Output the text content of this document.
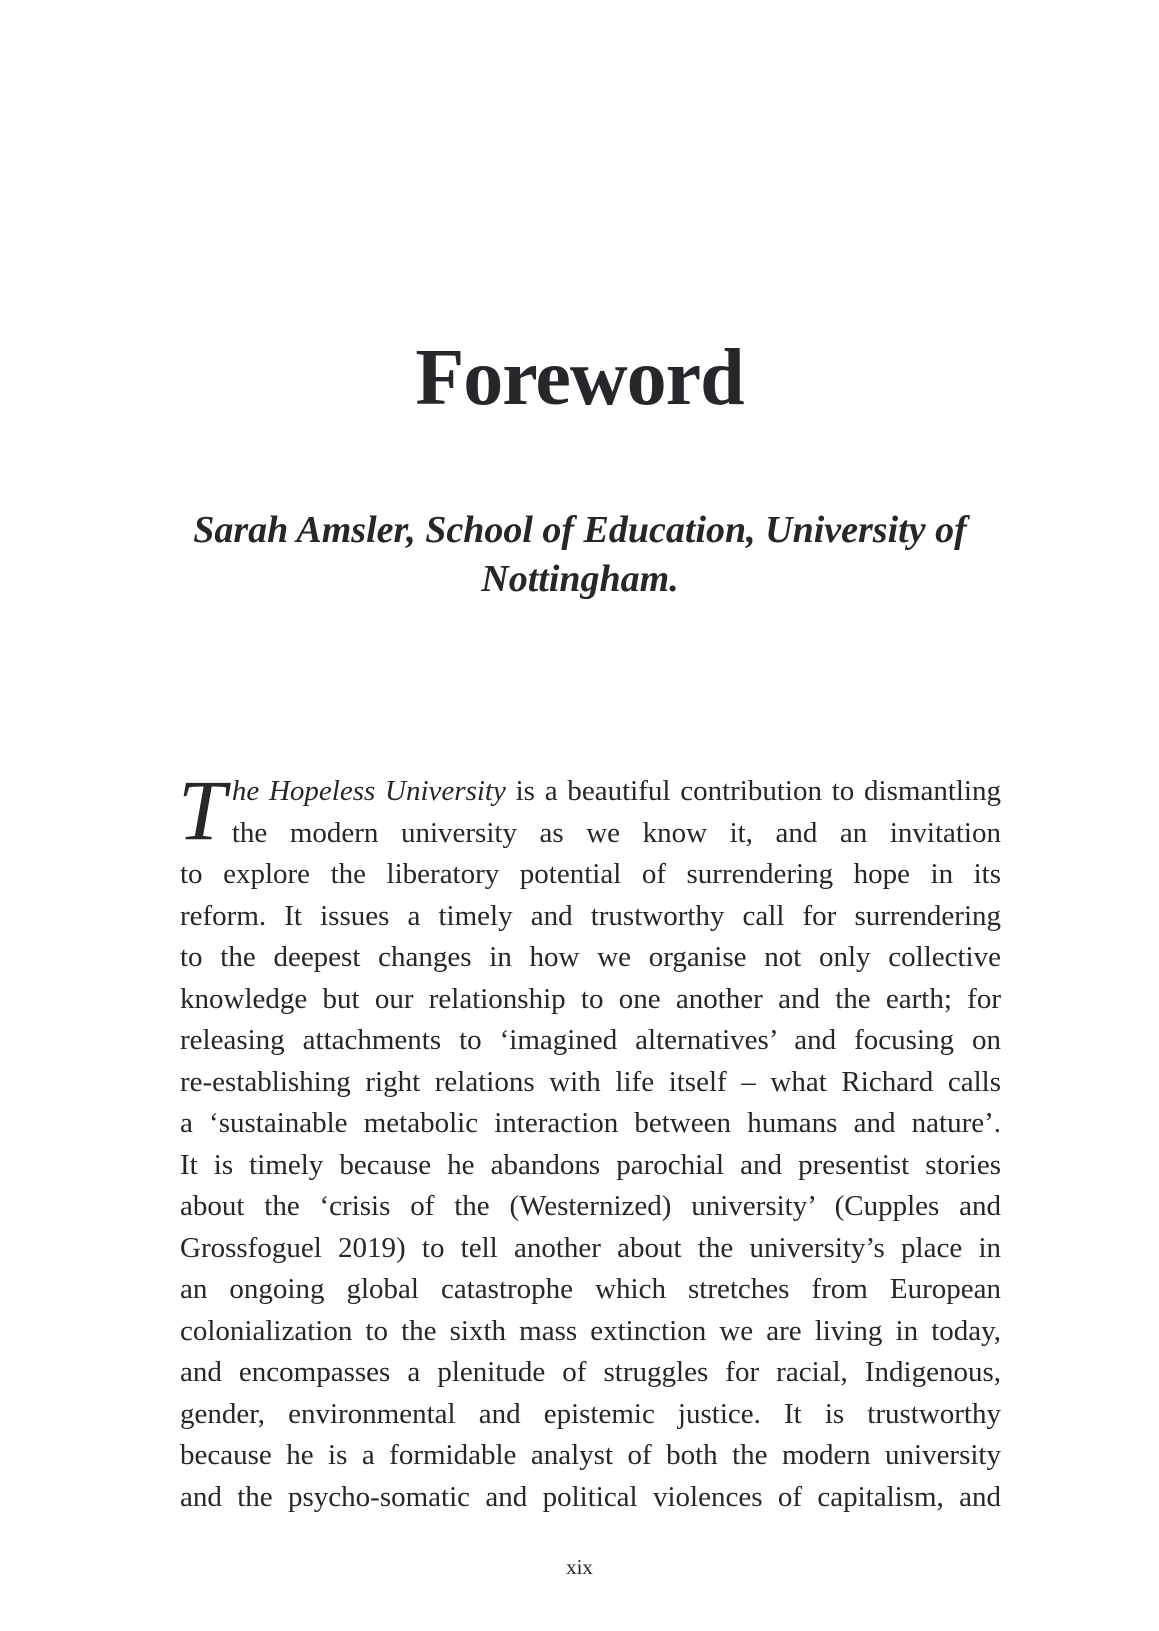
Foreword

Sarah Amsler, School of Education, University of Nottingham.

T he Hopeless University is a beautiful contribution to dismantling
the modern university as we know it, and an invitation
to explore the liberatory potential of surrendering hope in its
reform. It issues a timely and trustworthy call for surrendering
to the deepest changes in how we organise not only collective
knowledge but our relationship to one another and the earth; for
releasing attachments to ‘imagined alternatives’ and focusing on
re-establishing right relations with life itself – what Richard calls
a ‘sustainable metabolic interaction between humans and nature’.
It is timely because he abandons parochial and presentist stories
about the ‘crisis of the (Westernized) university’ (Cupples and
Grossfoguel 2019) to tell another about the university’s place in
an ongoing global catastrophe which stretches from European
colonialization to the sixth mass extinction we are living in today,
and encompasses a plenitude of struggles for racial, Indigenous,
gender, environmental and epistemic justice. It is trustworthy
because he is a formidable analyst of both the modern university
and the psycho-somatic and political violences of capitalism, and

xix
